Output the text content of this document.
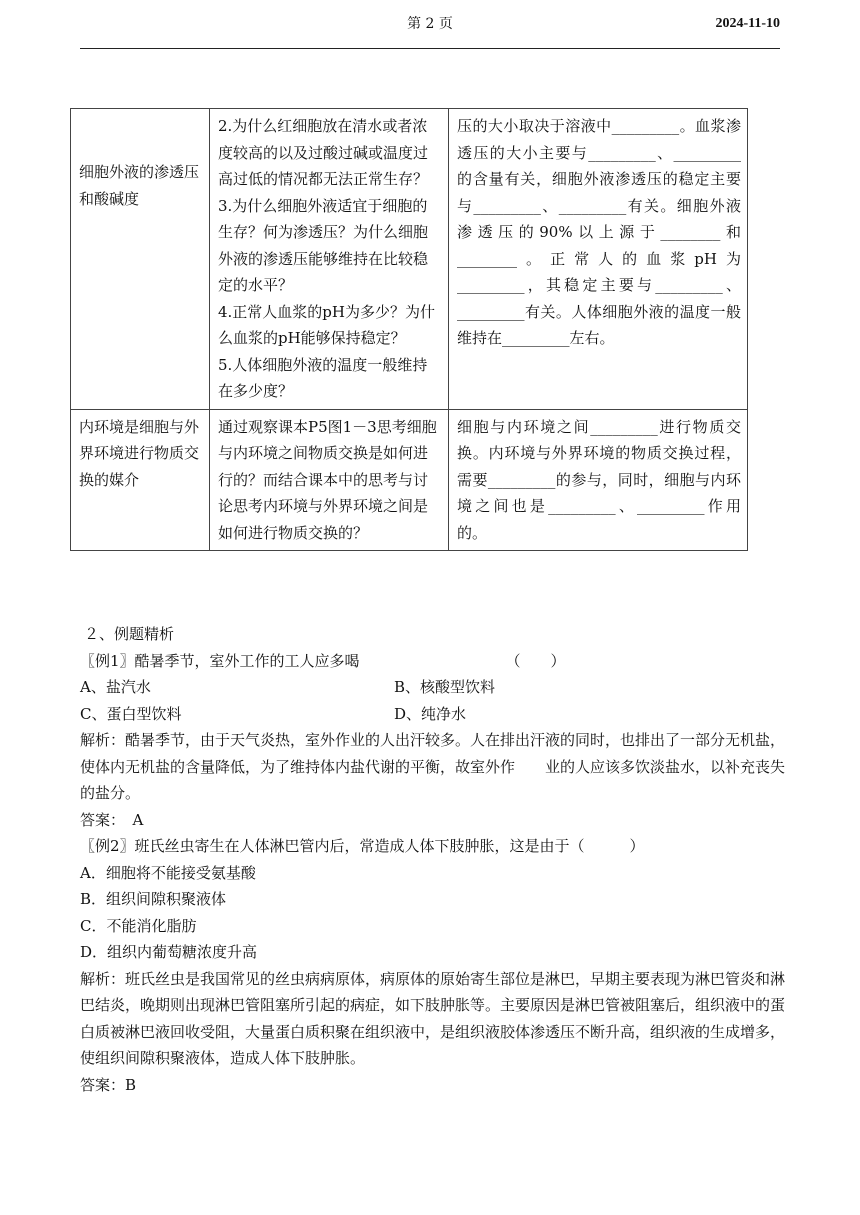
第 2 页	2024-11-10
细胞外液的渗透压和酸碱度	2.为什么红细胞放在清水或者浓度较高的以及过酸过碱或温度过高过低的情况都无法正常生存？
3.为什么细胞外液适宜于细胞的生存？何为渗透压？为什么细胞外液的渗透压能够维持在比较稳定的水平？
4.正常人血浆的pH为多少？为什么血浆的pH能够保持稳定？
5.人体细胞外液的温度一般维持在多少度？	压的大小取决于溶液中_________。血浆渗透压的大小主要与_________、_________的含量有关，细胞外液渗透压的稳定主要与_________、_________有关。细胞外液渗透压的90%以上源于________和________。正常人的血浆pH为_________，其稳定主要与_________、_________有关。人体细胞外液的温度一般维持在_________左右。
内环境是细胞与外界环境进行物质交换的媒介	通过观察课本P5图1－3思考细胞与内环境之间物质交换是如何进行的？而结合课本中的思考与讨论思考内环境与外界环境之间是如何进行物质交换的？	细胞与内环境之间_________进行物质交换。内环境与外界环境的物质交换过程，需要_________的参与，同时，细胞与内环境之间也是_________、_________作用的。

２、例题精析

〖例1〗酷暑季节，室外工作的工人应多喝	（　　）

A、盐汽水	B、核酸型饮料
C、蛋白型饮料	D、纯净水

解析：酷暑季节，由于天气炎热，室外作业的人出汗较多。人在排出汗液的同时，也排出了一部分无机盐，使体内无机盐的含量降低，为了维持体内盐代谢的平衡，故室外作　　业的人应该多饮淡盐水，以补充丧失的盐分。

答案：　A

〖例2〗班氏丝虫寄生在人体淋巴管内后，常造成人体下肢肿胀，这是由于（　　　）

A．细胞将不能接受氨基酸

B．组织间隙积聚液体

C．不能消化脂肪

D．组织内葡萄糖浓度升高

解析：班氏丝虫是我国常见的丝虫病病原体，病原体的原始寄生部位是淋巴，早期主要表现为淋巴管炎和淋巴结炎，晚期则出现淋巴管阻塞所引起的病症，如下肢肿胀等。主要原因是淋巴管被阻塞后，组织液中的蛋白质被淋巴液回收受阻，大量蛋白质积聚在组织液中，是组织液胶体渗透压不断升高，组织液的生成增多，使组织间隙积聚液体，造成人体下肢肿胀。

答案：B
